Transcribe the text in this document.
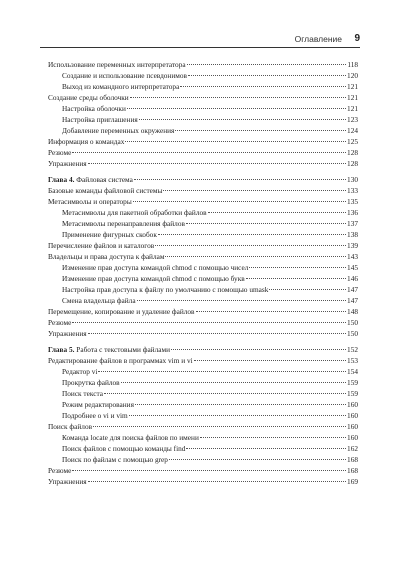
Оглавление 9
Использование переменных интерпретатора	118
Создание и использование псевдонимов	120
Выход из командного интерпретатора	121
Создание среды оболочки	121
Настройка оболочки	121
Настройка приглашения	123
Добавление переменных окружения	124
Информация о командах	125
Резюме	128
Упражнения	128
Глава 4. Файловая система	130
Базовые команды файловой системы	133
Метасимволы и операторы	135
Метасимволы для пакетной обработки файлов	136
Метасимволы перенаправления файлов	137
Применение фигурных скобок	138
Перечисление файлов и каталогов	139
Владельцы и права доступа к файлам	143
Изменение прав доступа командой chmod с помощью чисел	145
Изменение прав доступа командой chmod с помощью букв	146
Настройка прав доступа к файлу по умолчанию с помощью umask	147
Смена владельца файла	147
Перемещение, копирование и удаление файлов	148
Резюме	150
Упражнения	150
Глава 5. Работа с текстовыми файлами	152
Редактирование файлов в программах vim и vi	153
Редактор vi	154
Прокрутка файлов	159
Поиск текста	159
Режим редактирования	160
Подробнее о vi и vim	160
Поиск файлов	160
Команда locate для поиска файлов по имени	160
Поиск файлов с помощью команды find	162
Поиск по файлам с помощью grep	168
Резюме	168
Упражнения	169
